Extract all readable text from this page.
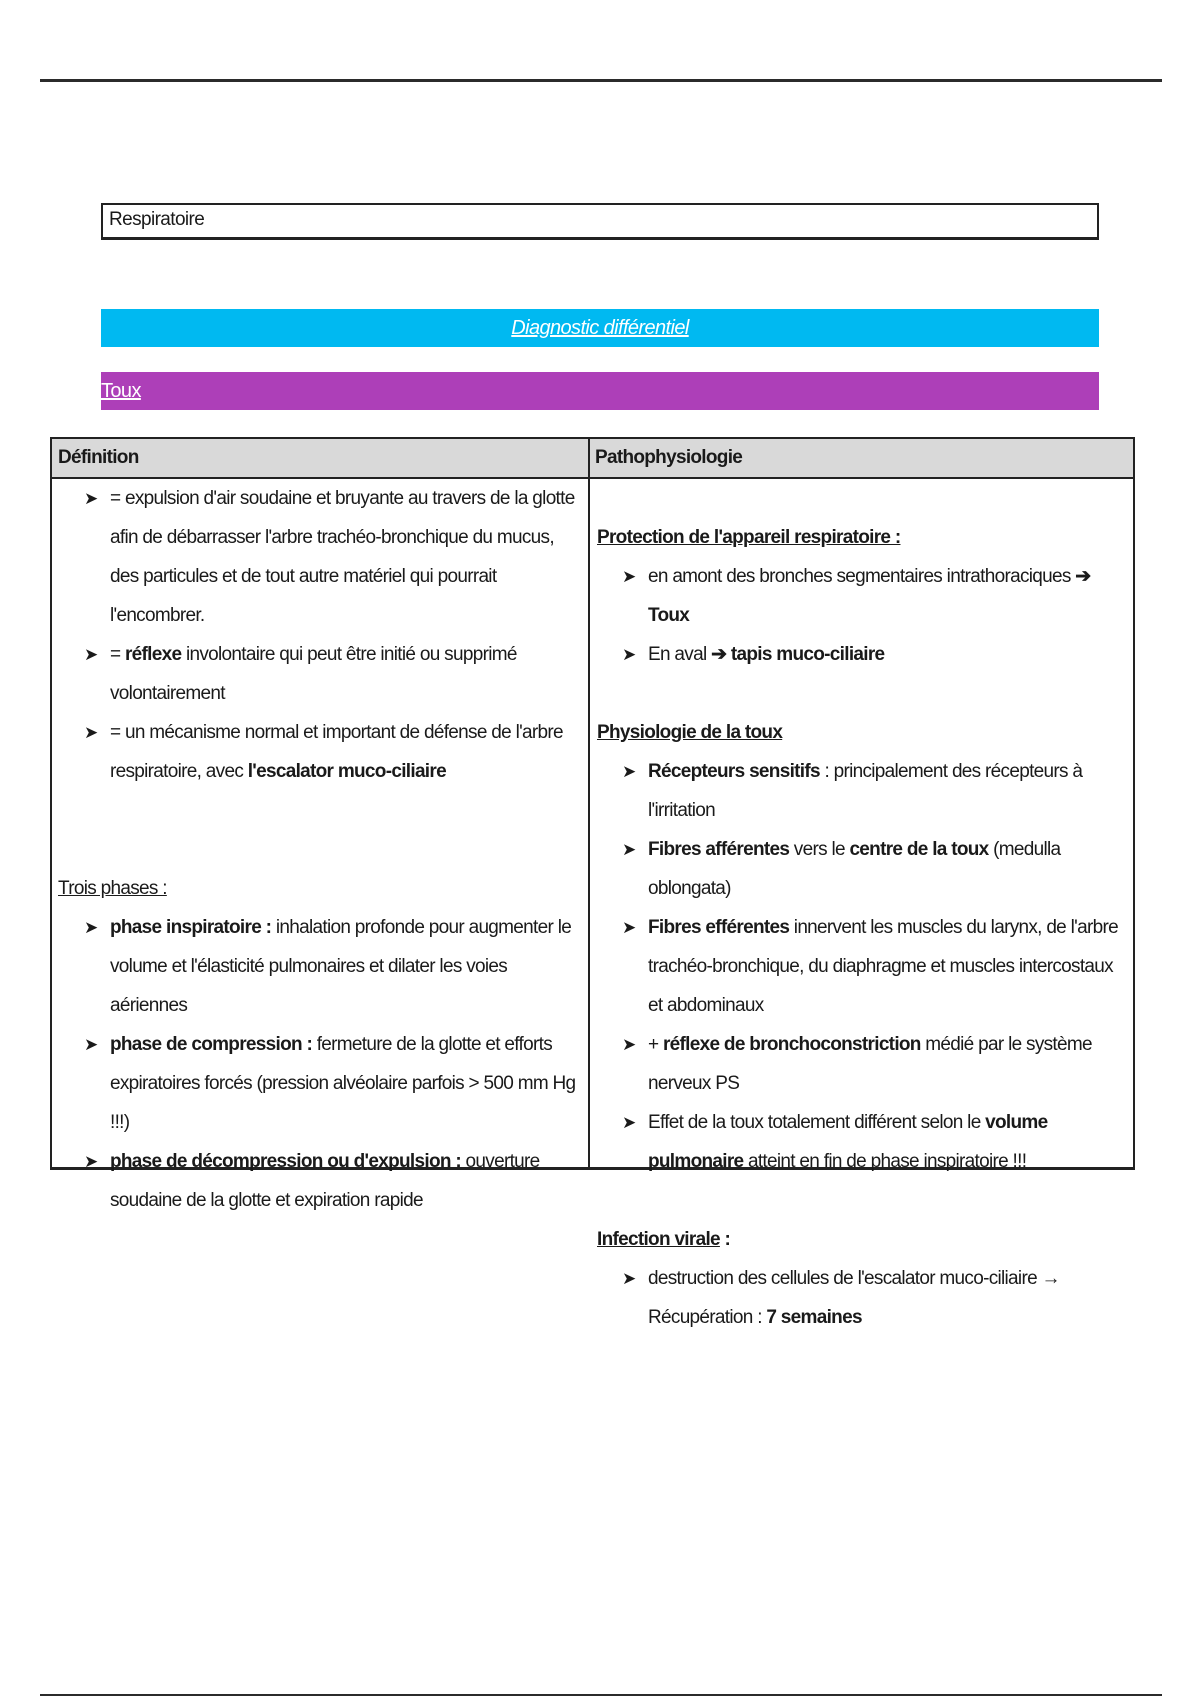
Respiratoire
Diagnostic différentiel
Toux
Définition	Pathophysiologie
➤ = expulsion d'air soudaine et bruyante au travers de la glotte afin de débarrasser l'arbre trachéo-bronchique du mucus, des particules et de tout autre matériel qui pourrait l'encombrer.
➤ = réflexe involontaire qui peut être initié ou supprimé volontairement
➤ = un mécanisme normal et important de défense de l'arbre respiratoire, avec l'escalator muco-ciliaire

Trois phases :

➤ phase inspiratoire : inhalation profonde pour augmenter le volume et l'élasticité pulmonaires et dilater les voies aériennes
➤ phase de compression : fermeture de la glotte et efforts expiratoires forcés (pression alvéolaire parfois > 500 mm Hg !!!)
➤ phase de décompression ou d'expulsion : ouverture soudaine de la glotte et expiration rapide

Protection de l'appareil respiratoire :

➤ en amont des bronches segmentaires intrathoraciques ➔ Toux
➤ En aval ➔ tapis muco-ciliaire

Physiologie de la toux

➤ Récepteurs sensitifs : principalement des récepteurs à l'irritation
➤ Fibres afférentes vers le centre de la toux (medulla oblongata)
➤ Fibres efférentes innervent les muscles du larynx, de l'arbre trachéo-bronchique, du diaphragme et muscles intercostaux et abdominaux
➤ + réflexe de bronchoconstriction médié par le système nerveux PS
➤ Effet de la toux totalement différent selon le volume pulmonaire atteint en fin de phase inspiratoire !!!

Infection virale :

➤ destruction des cellules de l'escalator muco-ciliaire → Récupération : 7 semaines
